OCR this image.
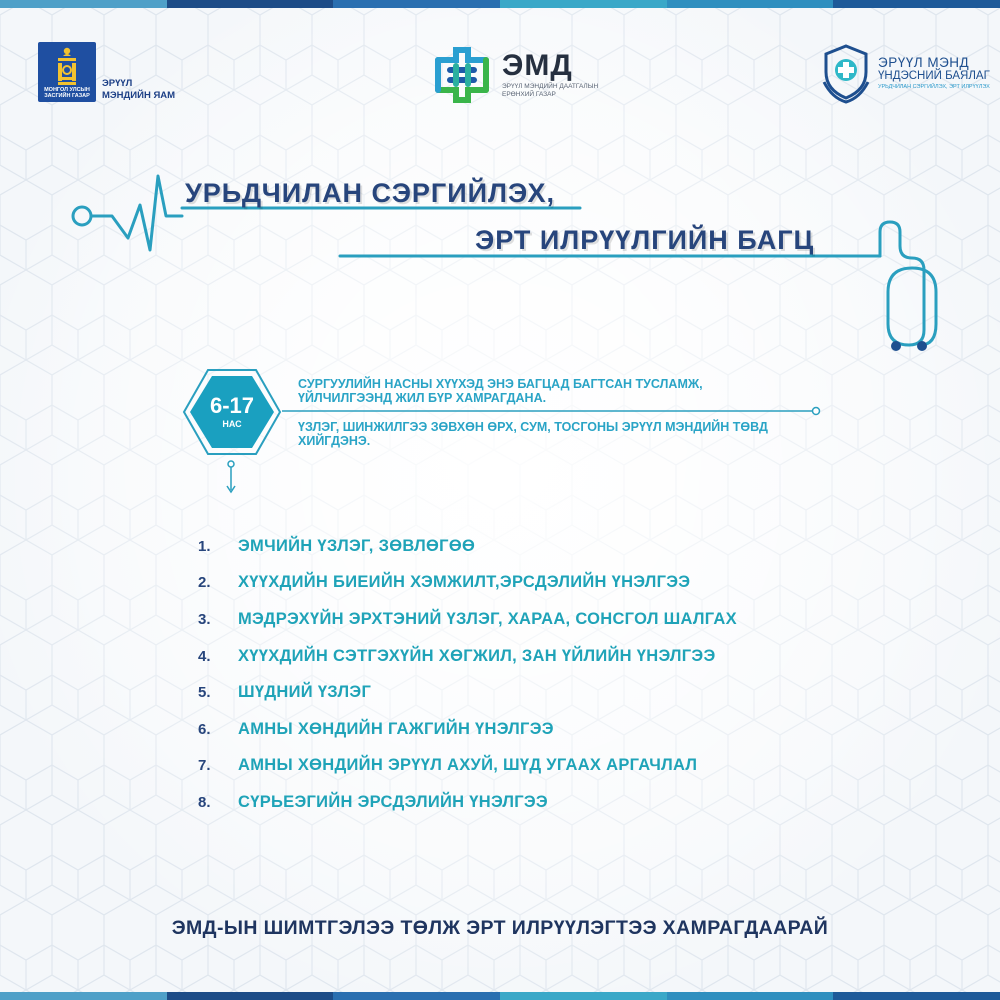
МОНГОЛ УЛСЫН ЗАСГИЙН ГАЗАР
ЭРҮҮЛ
МЭНДИЙН ЯАМ
ЭМД
ЭРҮҮЛ МЭНДИЙН ДААТГАЛЫН
ЕРӨНХИЙ ГАЗАР
ЭРҮҮЛ МЭНД
ҮНДЭСНИЙ БАЯЛАГ
УРЬДЧИЛАН СЭРГИЙЛЭХ, ЭРТ ИЛРҮҮЛЭХ
УРЬДЧИЛАН СЭРГИЙЛЭХ,
ЭРТ ИЛРҮҮЛГИЙН БАГЦ
6-17
НАС
СУРГУУЛИЙН НАСНЫ ХҮҮХЭД ЭНЭ БАГЦАД БАГТСАН ТУСЛАМЖ, ҮЙЛЧИЛГЭЭНД ЖИЛ БҮР ХАМРАГДАНА.
ҮЗЛЭГ, ШИНЖИЛГЭЭ ЗӨВХӨН ӨРХ, СУМ, ТОСГОНЫ ЭРҮҮЛ МЭНДИЙН ТӨВД ХИЙГДЭНЭ.
1.	ЭМЧИЙН ҮЗЛЭГ, ЗӨВЛӨГӨӨ
2.	ХҮҮХДИЙН БИЕИЙН ХЭМЖИЛТ,ЭРСДЭЛИЙН ҮНЭЛГЭЭ
3.	МЭДРЭХҮЙН ЭРХТЭНИЙ ҮЗЛЭГ, ХАРАА, СОНСГОЛ ШАЛГАХ
4.	ХҮҮХДИЙН СЭТГЭХҮЙН ХӨГЖИЛ, ЗАН ҮЙЛИЙН ҮНЭЛГЭЭ
5.	ШҮДНИЙ ҮЗЛЭГ
6.	АМНЫ ХӨНДИЙН ГАЖГИЙН ҮНЭЛГЭЭ
7.	АМНЫ ХӨНДИЙН ЭРҮҮЛ АХУЙ, ШҮД УГААХ АРГАЧЛАЛ
8.	СҮРЬЕЭГИЙН ЭРСДЭЛИЙН ҮНЭЛГЭЭ
ЭМД-ЫН ШИМТГЭЛЭЭ ТӨЛЖ ЭРТ ИЛРҮҮЛЭГТЭЭ ХАМРАГДААРАЙ
